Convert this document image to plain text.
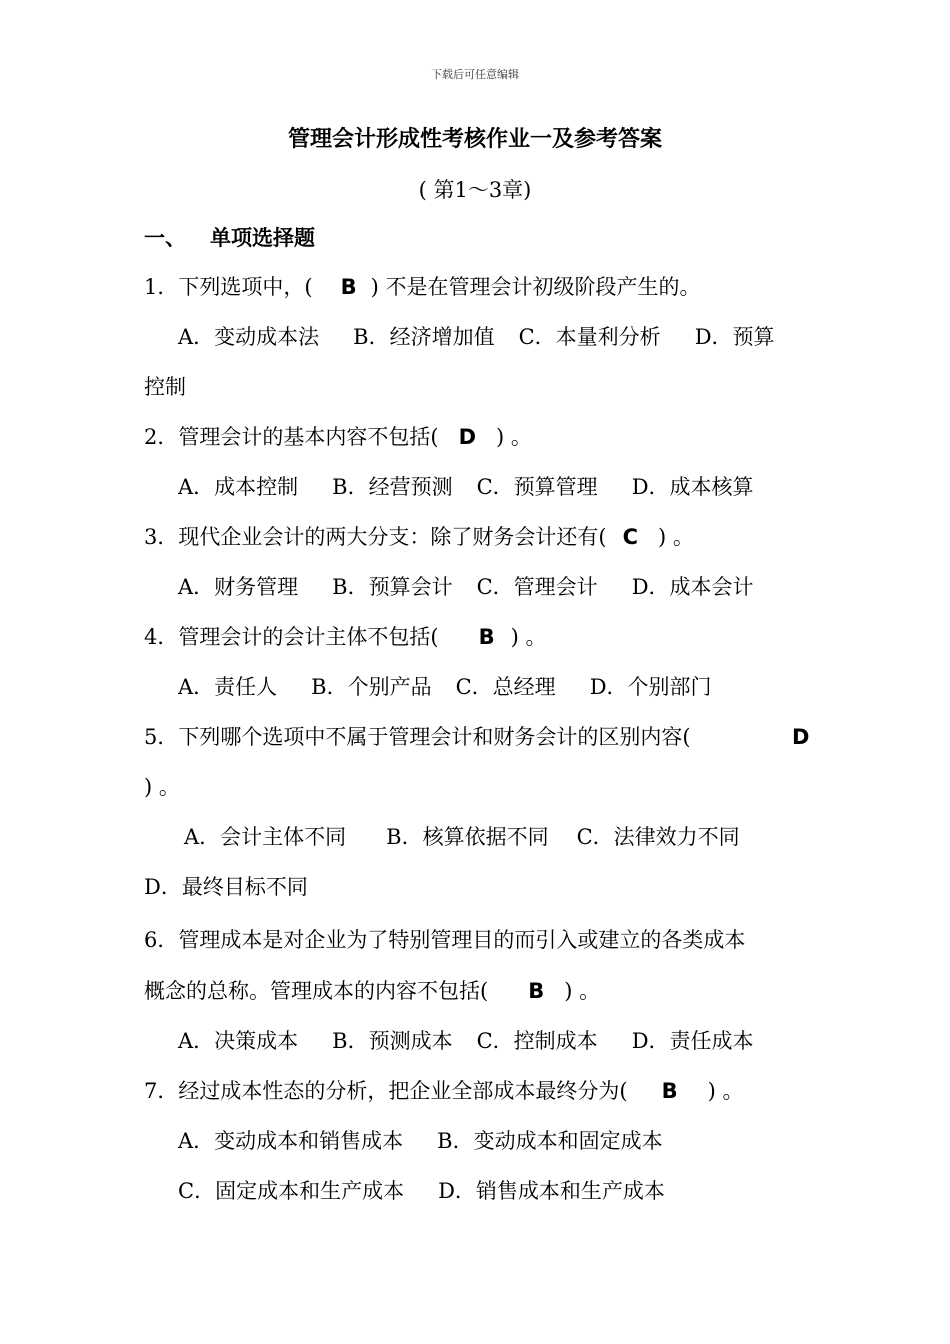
下载后可任意编辑
管理会计形成性考核作业一及参考答案
( 第1～3章)
一、 单项选择题
1．下列选项中，( B ) 不是在管理会计初级阶段产生的。
A．变动成本法 B．经济增加值 C．本量利分析 D．预算
控制
2．管理会计的基本内容不包括( D ) 。
A．成本控制 B．经营预测 C．预算管理 D．成本核算
3．现代企业会计的两大分支：除了财务会计还有( C ) 。
A．财务管理 B．预算会计 C．管理会计 D．成本会计
4．管理会计的会计主体不包括( B ) 。
A．责任人 B．个别产品 C．总经理 D．个别部门
5．下列哪个选项中不属于管理会计和财务会计的区别内容(	D
) 。
A．会计主体不同 B．核算依据不同 C．法律效力不同
D．最终目标不同
6．管理成本是对企业为了特别管理目的而引入或建立的各类成本
概念的总称。管理成本的内容不包括( B ) 。
A．决策成本 B．预测成本 C．控制成本 D．责任成本
7．经过成本性态的分析，把企业全部成本最终分为( B ) 。
A．变动成本和销售成本 B．变动成本和固定成本
C．固定成本和生产成本 D．销售成本和生产成本
